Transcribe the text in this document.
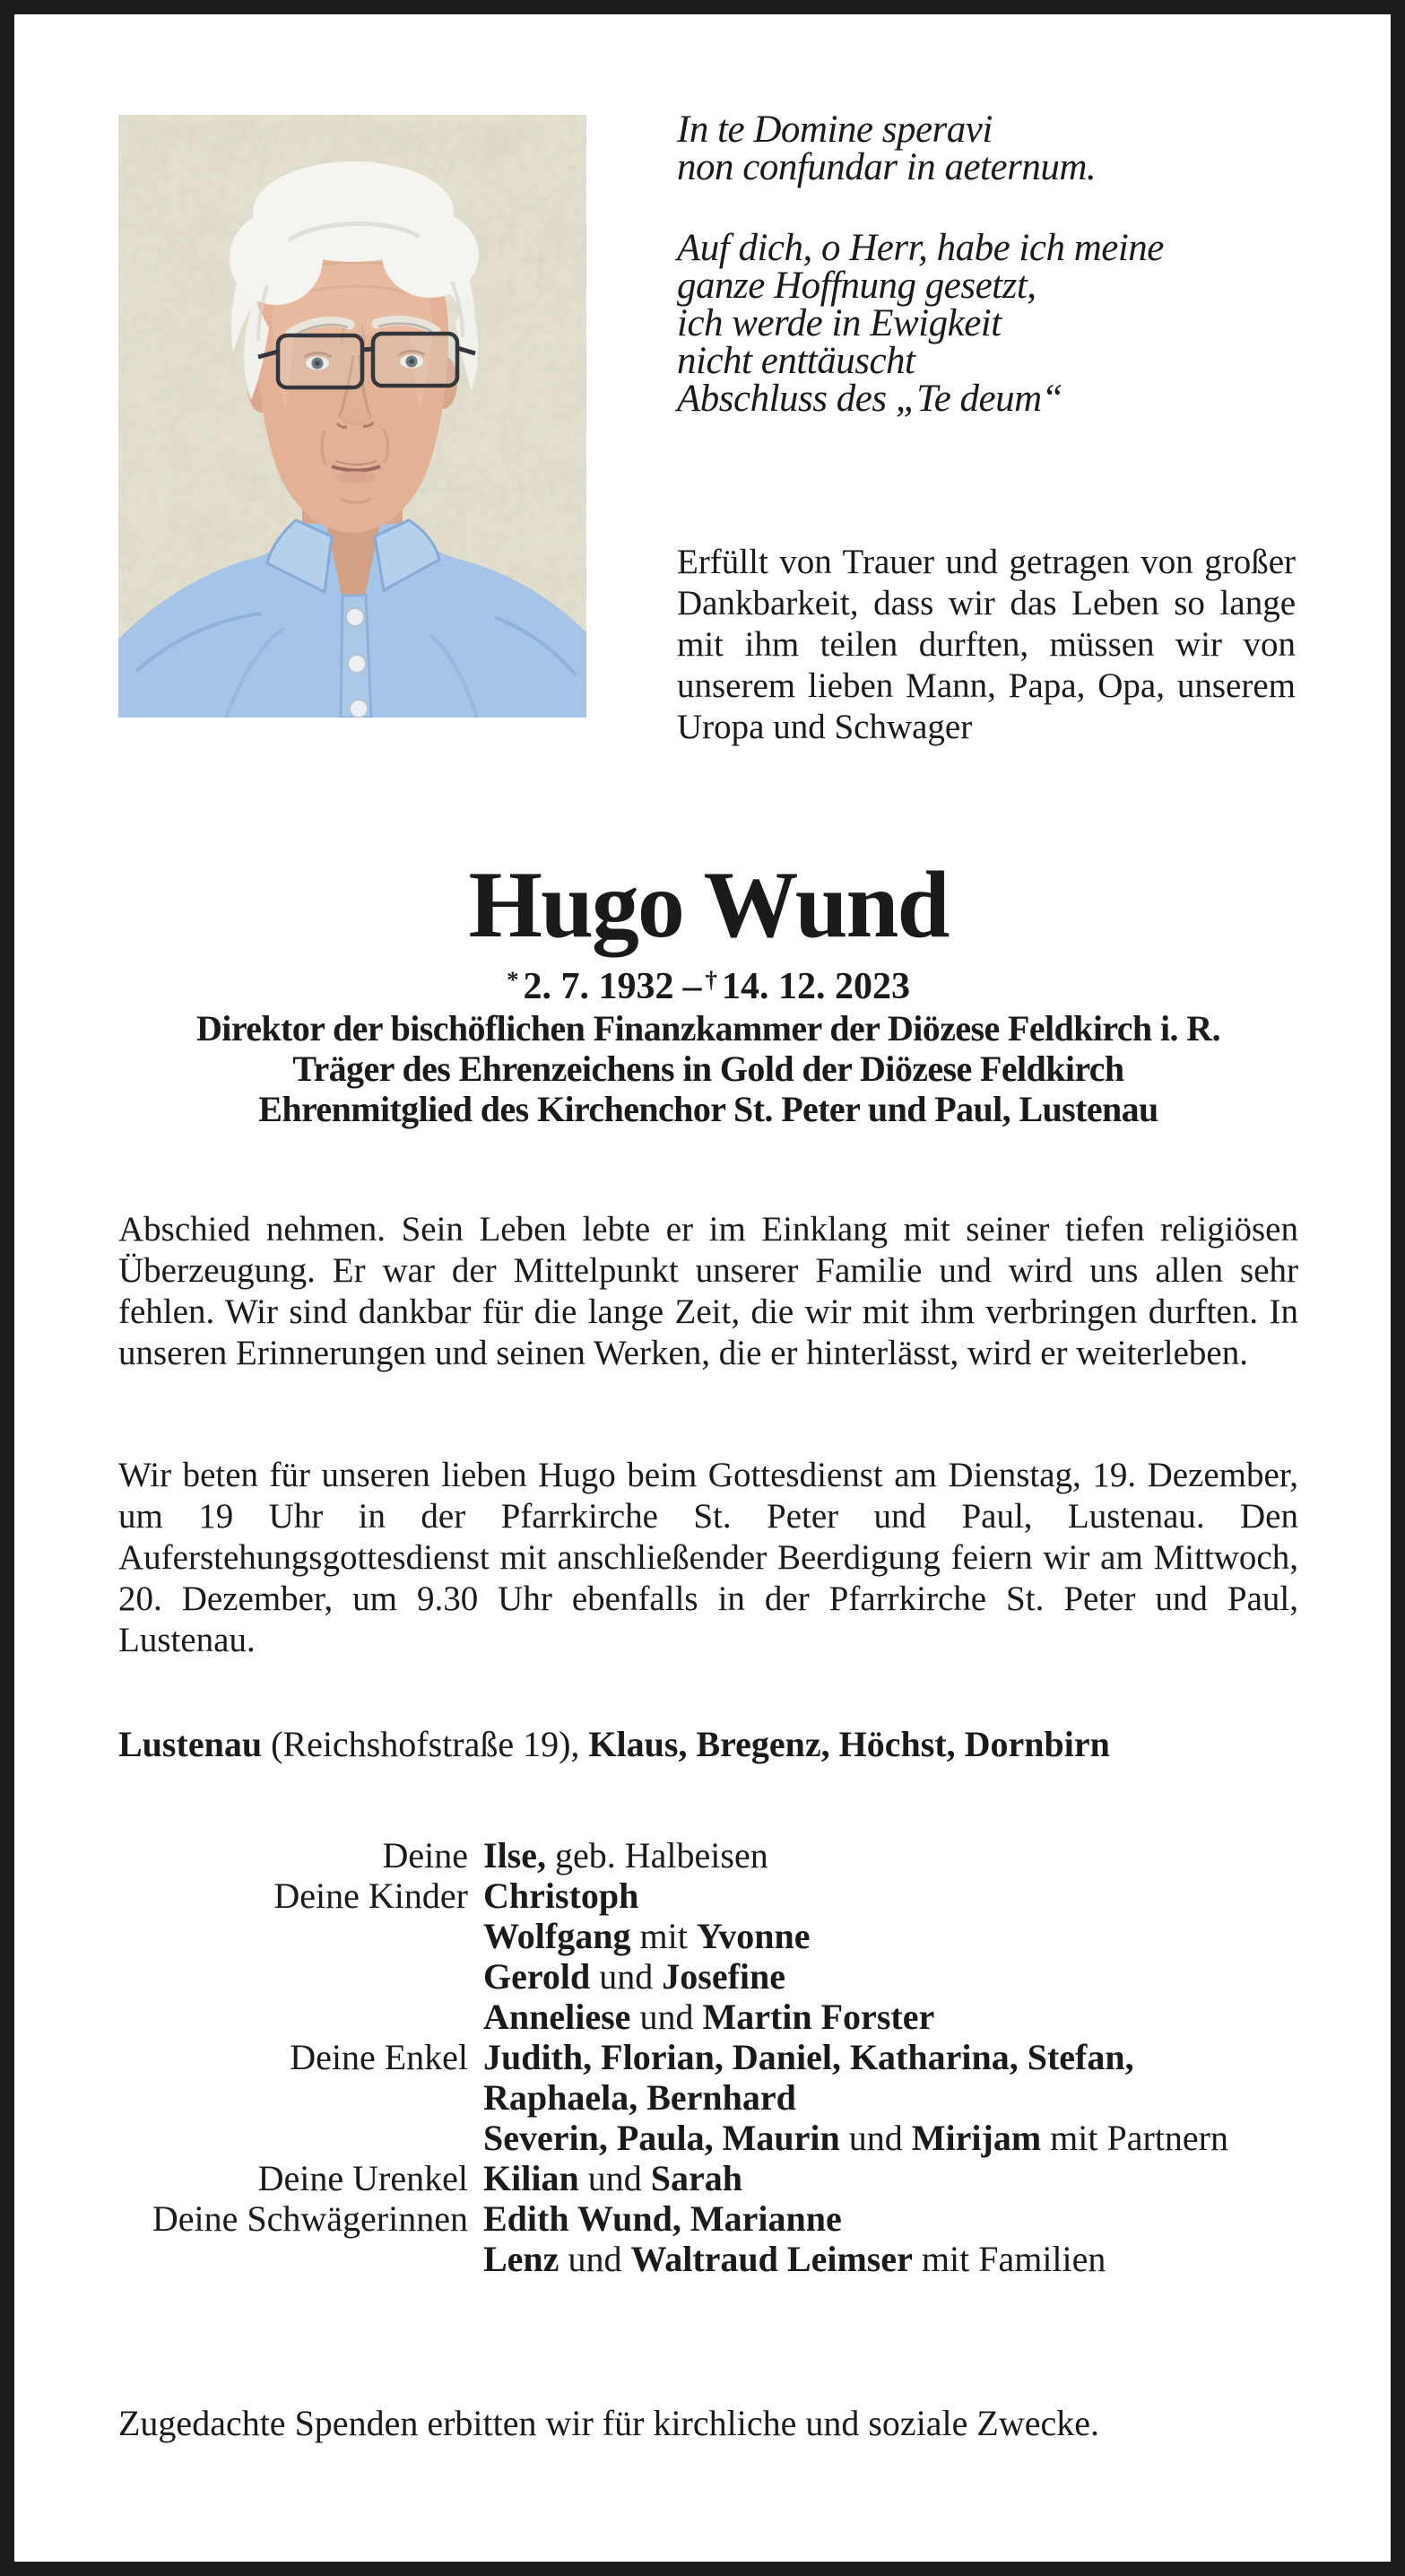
In te Domine speravi
non confundar in aeternum.
Auf dich, o Herr, habe ich meine
ganze Hoffnung gesetzt,
ich werde in Ewigkeit
nicht enttäuscht
Abschluss des „Te deum“
Erfüllt von Trauer und getragen von großer Dankbarkeit, dass wir das Leben so lange mit ihm teilen durften, müssen wir von unserem lieben Mann, Papa, Opa, unserem Uropa und Schwager
Hugo Wund
* 2. 7. 1932 – † 14. 12. 2023
Direktor der bischöflichen Finanzkammer der Diözese Feldkirch i. R.
Träger des Ehrenzeichens in Gold der Diözese Feldkirch
Ehrenmitglied des Kirchenchor St. Peter und Paul, Lustenau

Abschied nehmen. Sein Leben lebte er im Einklang mit seiner tiefen religiösen Überzeugung. Er war der Mittelpunkt unserer Familie und wird uns allen sehr fehlen. Wir sind dankbar für die lange Zeit, die wir mit ihm verbringen durften. In unseren Erinnerungen und seinen Werken, die er hinterlässt, wird er weiterleben.

Wir beten für unseren lieben Hugo beim Gottesdienst am Dienstag, 19. Dezember, um 19 Uhr in der Pfarrkirche St. Peter und Paul, Lustenau. Den Auferstehungsgottesdienst mit anschließender Beerdigung feiern wir am Mittwoch, 20. Dezember, um 9.30 Uhr ebenfalls in der Pfarrkirche St. Peter und Paul, Lustenau.

Lustenau (Reichshofstraße 19), Klaus, Bregenz, Höchst, Dornbirn
Deine Ilse, geb. Halbeisen
Deine Kinder Christoph
Wolfgang mit Yvonne
Gerold und Josefine
Anneliese und Martin Forster
Deine Enkel Judith, Florian, Daniel, Katharina, Stefan,
Raphaela, Bernhard
Severin, Paula, Maurin und Mirijam mit Partnern
Deine Urenkel Kilian und Sarah
Deine Schwägerinnen Edith Wund, Marianne
Lenz und Waltraud Leimser mit Familien

Zugedachte Spenden erbitten wir für kirchliche und soziale Zwecke.
